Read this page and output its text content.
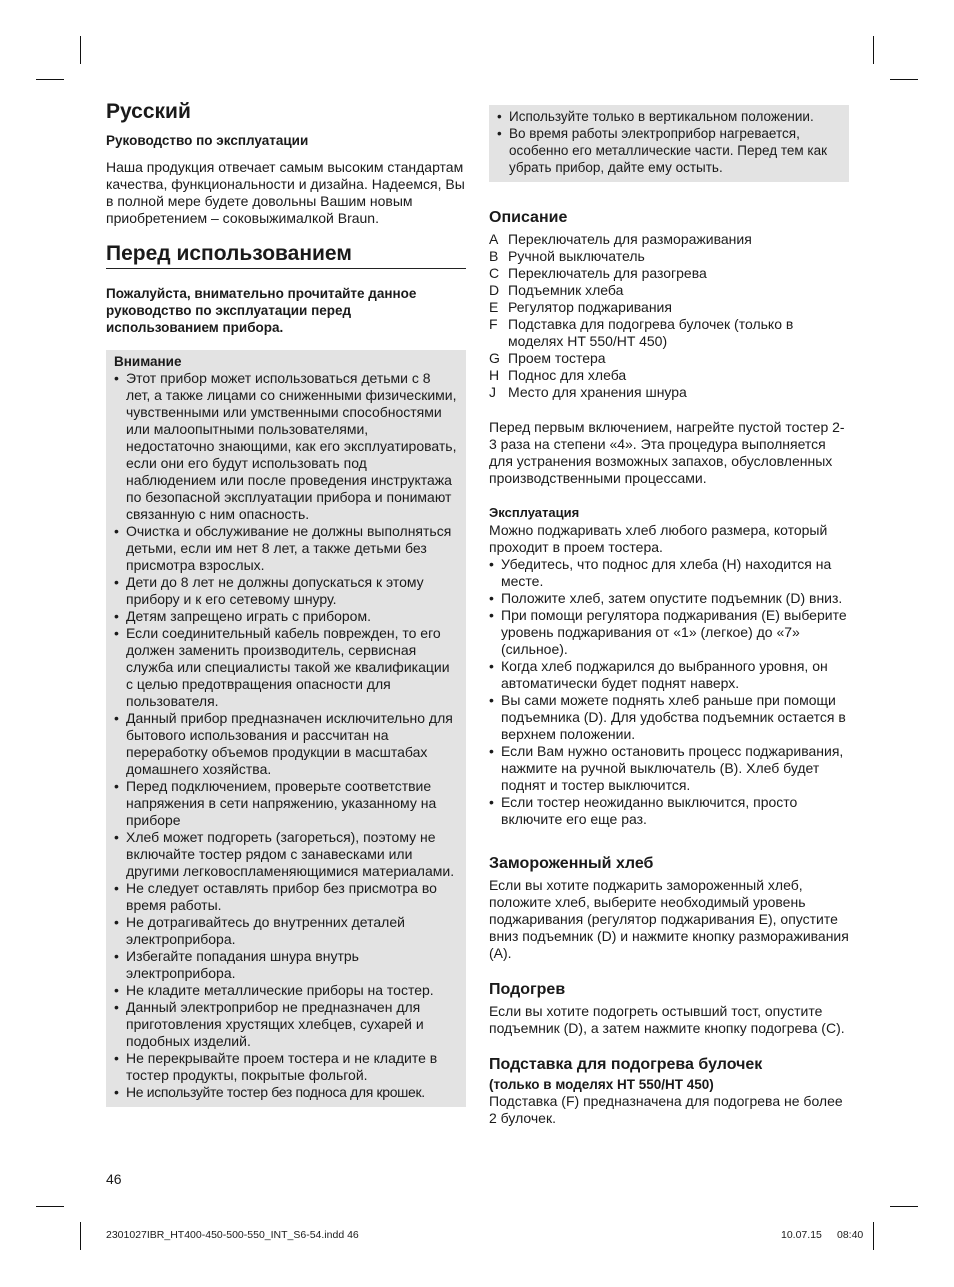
Русский

Руководство по эксплуатации

Наша продукция отвечает самым высоким стандартам качества, функциональности и дизайна. Надеемся, Вы в полной мере будете довольны Вашим новым приобретением – соковыжималкой Braun.

Перед использованием

Пожалуйста, внимательно прочитайте данное руководство по эксплуатации перед использованием прибора.

Внимание

• Этот прибор может использоваться детьми с 8 лет, а также лицами со сниженными физическими, чувственными или умственными способностями или малоопытными пользователями, недостаточно знающими, как его эксплуатировать, если они его будут использовать под наблюдением или после проведения инструктажа по безопасной эксплуатации прибора и понимают связанную с ним опасность.
• Очистка и обслуживание не должны выполняться детьми, если им нет 8 лет, а также детьми без присмотра взрослых.
• Дети до 8 лет не должны допускаться к этому прибору и к его сетевому шнуру.
• Детям запрещено играть с прибором.
• Если соединительный кабель поврежден, то его должен заменить производитель, сервисная служба или специалисты такой же квалификации с целью предотвращения опасности для пользователя.
• Данный прибор предназначен исключительно для бытового использования и рассчитан на переработку объемов продукции в масштабах домашнего хозяйства.
• Перед подключением, проверьте соответствие напряжения в сети напряжению, указанному на приборе
• Хлеб может подгореть (загореться), поэтому не включайте тостер рядом с занавесками или другими легковоспламеняющимися материалами.
• Не следует оставлять прибор без присмотра во время работы.
• Не дотрагивайтесь до внутренних деталей электроприбора.
• Избегайте попадания шнура внутрь электроприбора.
• Не кладите металлические приборы на тостер.
• Данный электроприбор не предназначен для приготовления хрустящих хлебцев, сухарей и подобных изделий.
• Не перекрывайте проем тостера и не кладите в тостер продукты, покрытые фольгой.
• Не используйте тостер без подноса для крошек.
• Используйте только в вертикальном положении.
• Во время работы электроприбор нагревается, особенно его металлические части. Перед тем как убрать прибор, дайте ему остыть.
Описание
A Переключатель для размораживания
B Ручной выключатель
C Переключатель для разогрева
D Подъемник хлеба
E Регулятор поджаривания
F Подставка для подогрева булочек (только в моделях HT 550/HT 450)
G Проем тостера
H Поднос для хлеба
J Место для хранения шнура

Перед первым включением, нагрейте пустой тостер 2-3 раза на степени «4». Эта процедура выполняется для устранения возможных запахов, обусловленных производственными процессами.

Эксплуатация

Можно поджаривать хлеб любого размера, который проходит в проем тостера.

• Убедитесь, что поднос для хлеба (H) находится на месте.
• Положите хлеб, затем опустите подъемник (D) вниз.
• При помощи регулятора поджаривания (E) выберите уровень поджаривания от «1» (легкое) до «7» (сильное).
• Когда хлеб поджарился до выбранного уровня, он автоматически будет поднят наверх.
• Вы сами можете поднять хлеб раньше при помощи подъемника (D). Для удобства подъемник остается в верхнем положении.
• Если Вам нужно остановить процесс поджаривания, нажмите на ручной выключатель (B). Хлеб будет поднят и тостер выключится.
• Если тостер неожиданно выключится, просто включите его еще раз.
Замороженный хлеб

Если вы хотите поджарить замороженный хлеб, положите хлеб, выберите необходимый уровень поджаривания (регулятор поджаривания E), опустите вниз подъемник (D) и нажмите кнопку размораживания (A).

Подогрев

Если вы хотите подогреть остывший тост, опустите подъемник (D), а затем нажмите кнопку подогрева (C).

Подставка для подогрева булочек

(только в моделях HT 550/HT 450)

Подставка (F) предназначена для подогрева не более 2 булочек.

46
2301027IBR_HT400-450-500-550_INT_S6-54.indd 46	10.07.15 08:40
